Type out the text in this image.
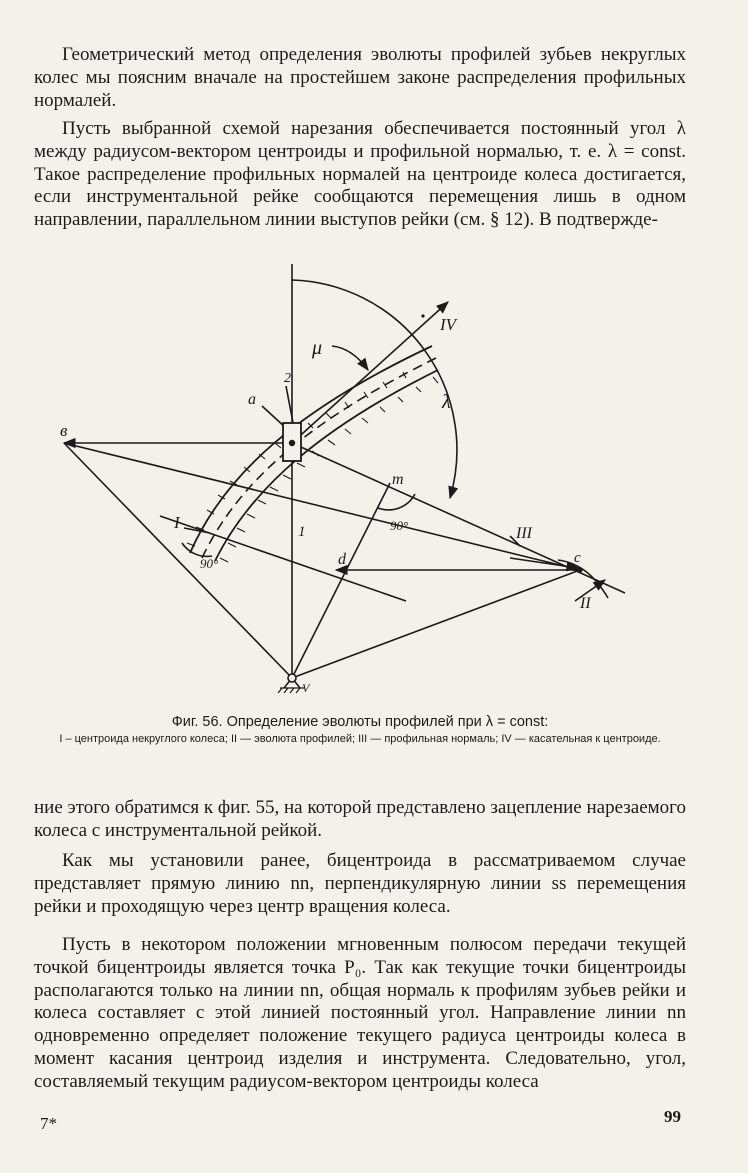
Геометрический метод определения эволюты профилей зубьев некруглых колес мы поясним вначале на простейшем законе распределения профильных нормалей.

Пусть выбранной схемой нарезания обеспечивается постоянный угол λ между радиусом-вектором центроиды и профильной нормалью, т. е. λ = const. Такое распределение профильных нормалей на центроиде колеса достигается, если инструментальной рейке сообщаются перемещения лишь в одном направлении, параллельном линии выступов рейки (см. § 12). В подтвержде-

μ
λ
a
2
в
m
d	c
V
1
I
II
III
IV
90°
90°
Фиг. 56. Определение эволюты профилей при λ = const:
I – центроида некруглого колеса; II — эволюта профилей; III — профильная нормаль; IV — касательная к центроиде.

ние этого обратимся к фиг. 55, на которой представлено зацепление нарезаемого колеса с инструментальной рейкой.

Как мы установили ранее, бицентроида в рассматриваемом случае представляет прямую линию nn, перпендикулярную линии ss перемещения рейки и проходящую через центр вращения колеса.

Пусть в некотором положении мгновенным полюсом передачи текущей точкой бицентроиды является точка P₀. Так как текущие точки бицентроиды располагаются только на линии nn, общая нормаль к профилям зубьев рейки и колеса составляет с этой линией постоянный угол. Направление линии nn одновременно определяет положение текущего радиуса центроиды колеса в момент касания центроид изделия и инструмента. Следовательно, угол, составляемый текущим радиусом-вектором центроиды колеса

7*	99
